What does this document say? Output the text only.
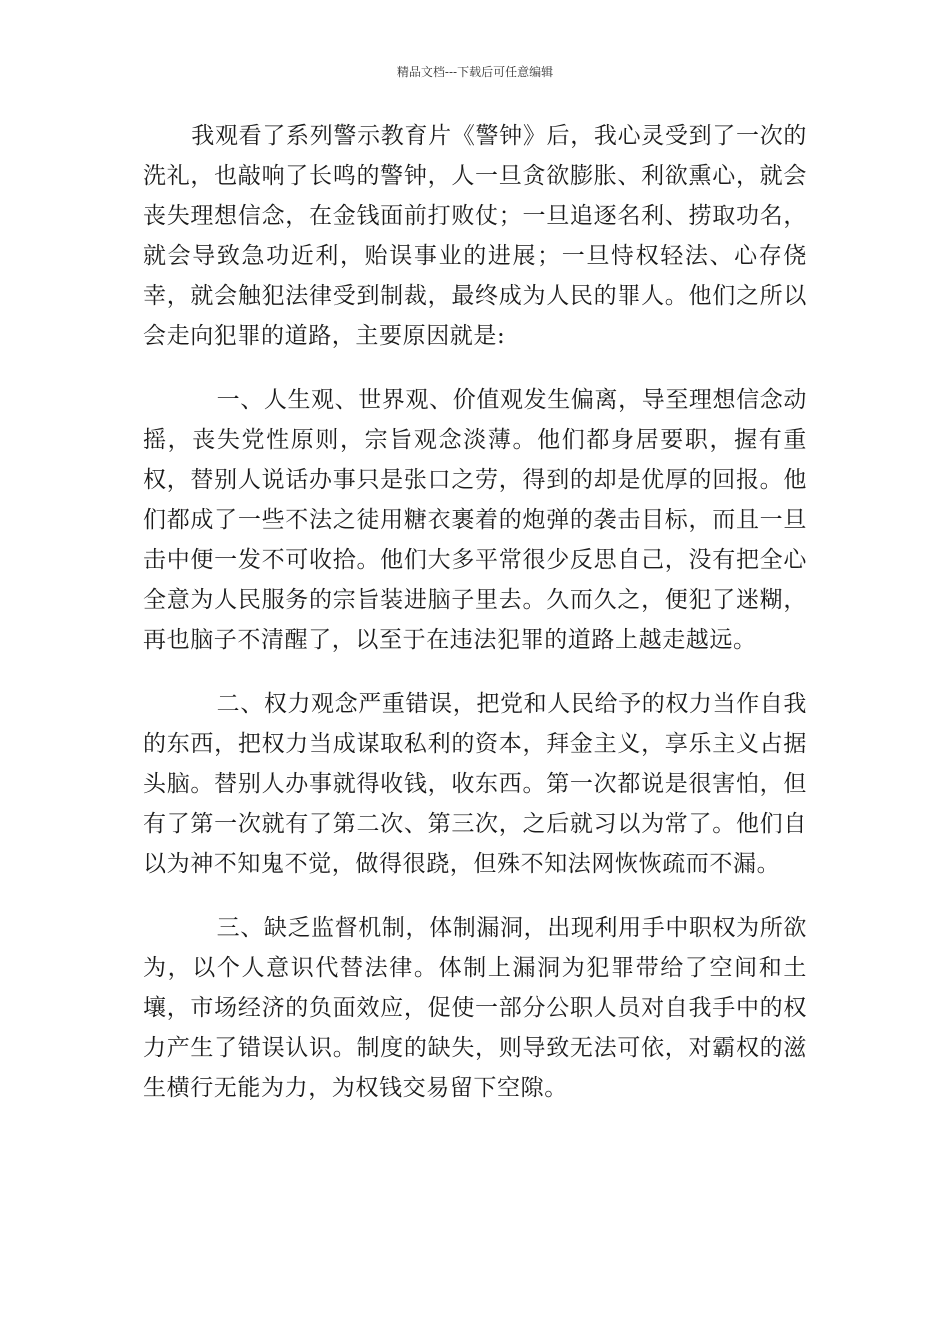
精品文档---下载后可任意编辑

我观看了系列警示教育片《警钟》后，我心灵受到了一次的洗礼，也敲响了长鸣的警钟，人一旦贪欲膨胀、利欲熏心，就会丧失理想信念，在金钱面前打败仗；一旦追逐名利、捞取功名，就会导致急功近利，贻误事业的进展；一旦恃权轻法、心存侥幸，就会触犯法律受到制裁，最终成为人民的罪人。他们之所以会走向犯罪的道路，主要原因就是:

一、人生观、世界观、价值观发生偏离，导至理想信念动摇，丧失党性原则，宗旨观念淡薄。他们都身居要职，握有重权，替别人说话办事只是张口之劳，得到的却是优厚的回报。他们都成了一些不法之徒用糖衣裹着的炮弹的袭击目标，而且一旦击中便一发不可收拾。他们大多平常很少反思自己，没有把全心全意为人民服务的宗旨装进脑子里去。久而久之，便犯了迷糊，再也脑子不清醒了，以至于在违法犯罪的道路上越走越远。

二、权力观念严重错误，把党和人民给予的权力当作自我的东西，把权力当成谋取私利的资本，拜金主义，享乐主义占据头脑。替别人办事就得收钱，收东西。第一次都说是很害怕，但有了第一次就有了第二次、第三次，之后就习以为常了。他们自以为神不知鬼不觉，做得很跷，但殊不知法网恢恢疏而不漏。

三、缺乏监督机制，体制漏洞，出现利用手中职权为所欲为，以个人意识代替法律。体制上漏洞为犯罪带给了空间和土壤，市场经济的负面效应，促使一部分公职人员对自我手中的权力产生了错误认识。制度的缺失，则导致无法可依，对霸权的滋生横行无能为力，为权钱交易留下空隙。
